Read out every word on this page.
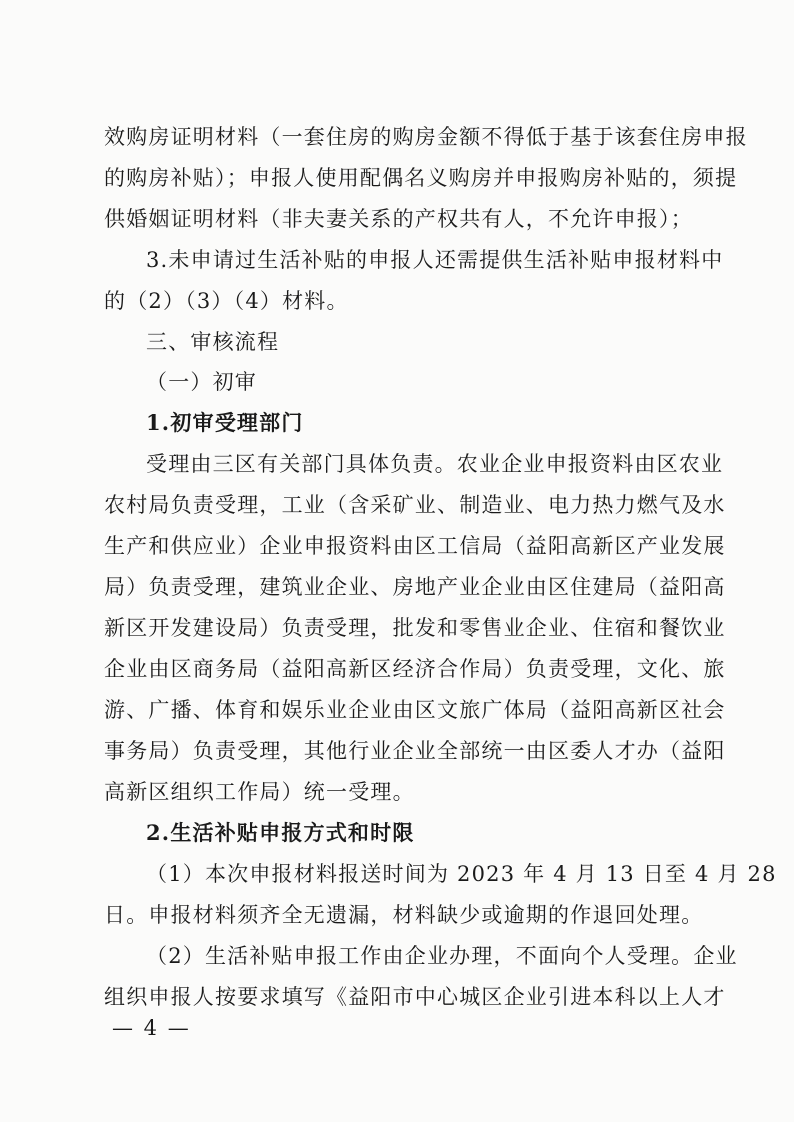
效购房证明材料（一套住房的购房金额不得低于基于该套住房申报
的购房补贴）；申报人使用配偶名义购房并申报购房补贴的，须提
供婚姻证明材料（非夫妻关系的产权共有人，不允许申报）；
3.未申请过生活补贴的申报人还需提供生活补贴申报材料中
的（2）（3）（4）材料。
三、审核流程
（一）初审
1.初审受理部门
受理由三区有关部门具体负责。农业企业申报资料由区农业
农村局负责受理，工业（含采矿业、制造业、电力热力燃气及水
生产和供应业）企业申报资料由区工信局（益阳高新区产业发展
局）负责受理，建筑业企业、房地产业企业由区住建局（益阳高
新区开发建设局）负责受理，批发和零售业企业、住宿和餐饮业
企业由区商务局（益阳高新区经济合作局）负责受理，文化、旅
游、广播、体育和娱乐业企业由区文旅广体局（益阳高新区社会
事务局）负责受理，其他行业企业全部统一由区委人才办（益阳
高新区组织工作局）统一受理。
2.生活补贴申报方式和时限
（1）本次申报材料报送时间为 2023 年 4 月 13 日至 4 月 28
日。申报材料须齐全无遗漏，材料缺少或逾期的作退回处理。
（2）生活补贴申报工作由企业办理，不面向个人受理。企业
组织申报人按要求填写《益阳市中心城区企业引进本科以上人才
— 4 —
